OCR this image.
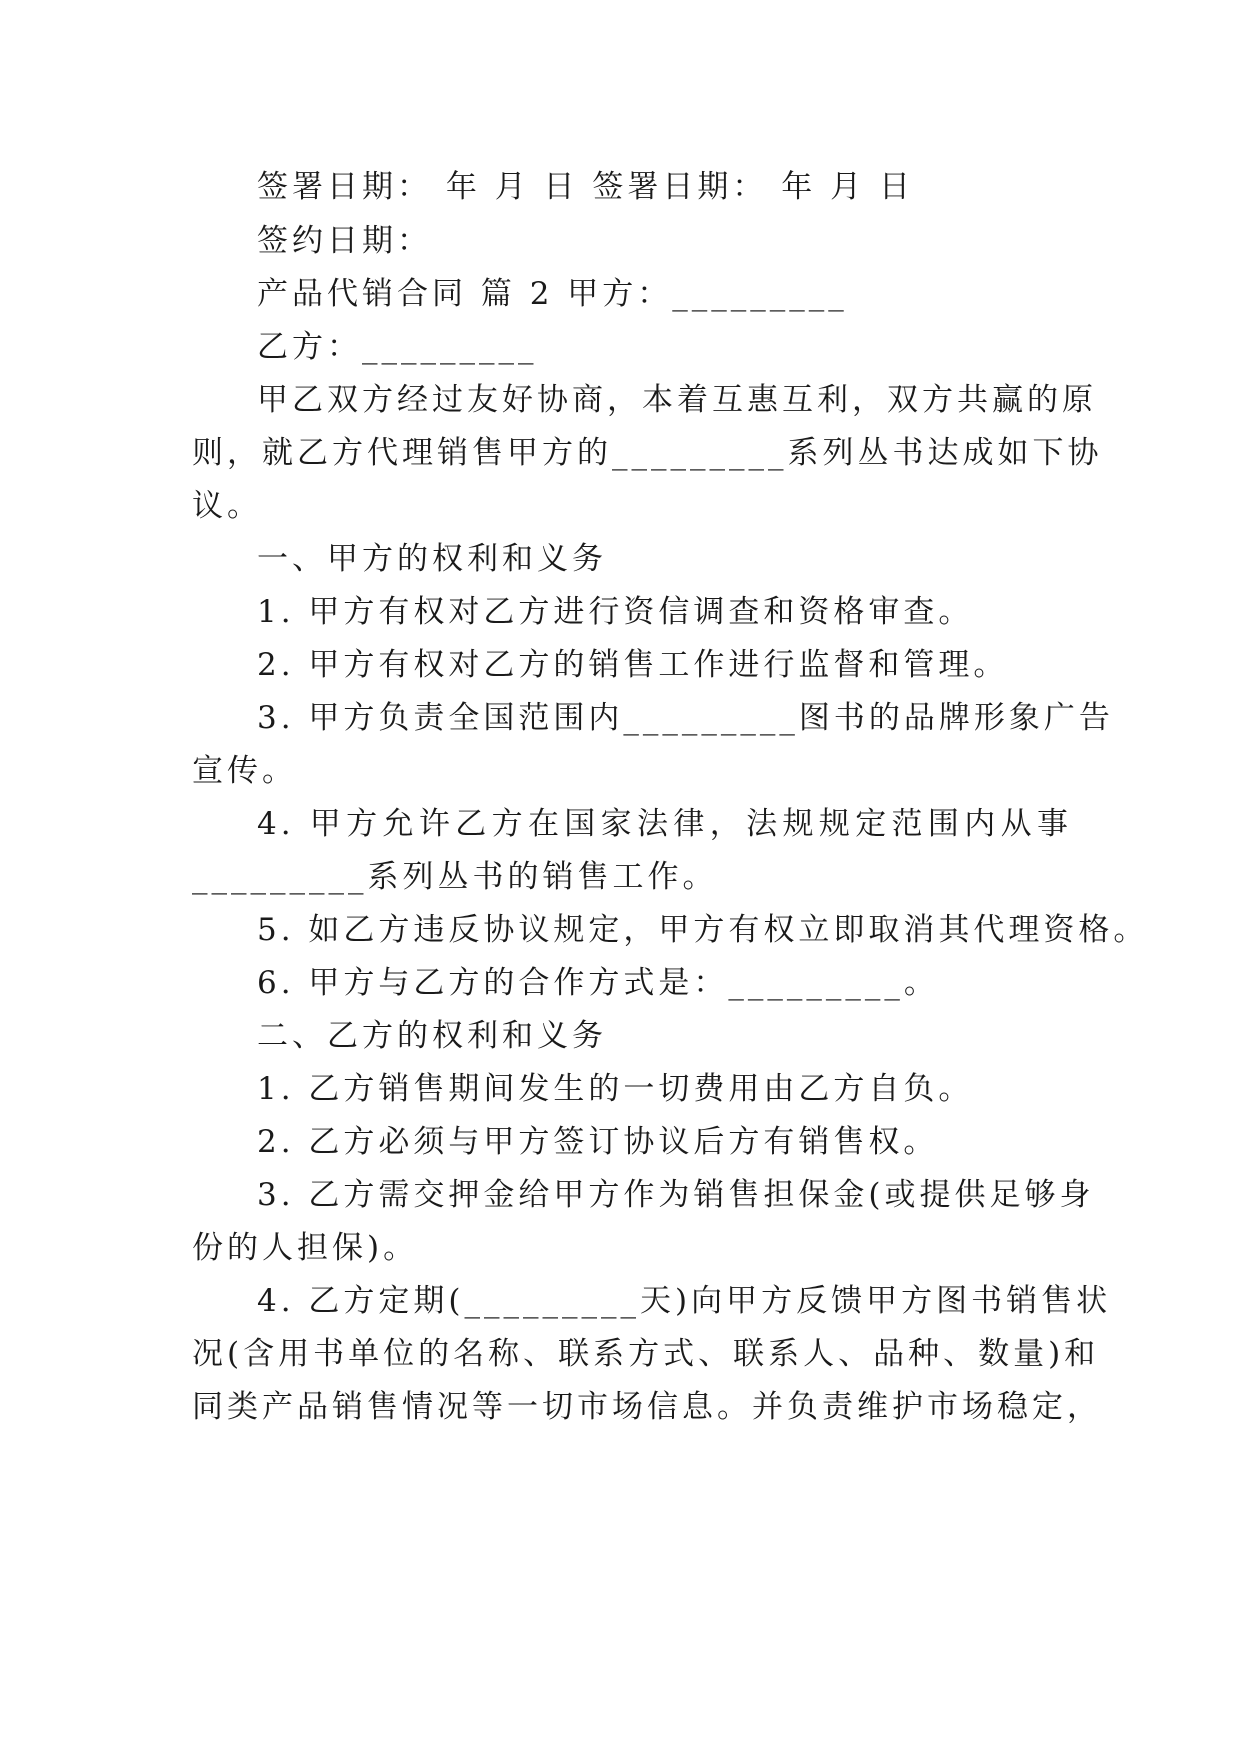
签署日期： 年 月 日 签署日期： 年 月 日
签约日期：
产品代销合同 篇 2 甲方：_________
乙方：_________
甲乙双方经过友好协商，本着互惠互利，双方共赢的原
则，就乙方代理销售甲方的_________系列丛书达成如下协
议。
一、甲方的权利和义务
1. 甲方有权对乙方进行资信调查和资格审查。
2. 甲方有权对乙方的销售工作进行监督和管理。
3. 甲方负责全国范围内_________图书的品牌形象广告
宣传。
4. 甲方允许乙方在国家法律，法规规定范围内从事
_________系列丛书的销售工作。
5. 如乙方违反协议规定，甲方有权立即取消其代理资格。
6. 甲方与乙方的合作方式是：_________。
二、乙方的权利和义务
1. 乙方销售期间发生的一切费用由乙方自负。
2. 乙方必须与甲方签订协议后方有销售权。
3. 乙方需交押金给甲方作为销售担保金(或提供足够身
份的人担保)。
4. 乙方定期(_________天)向甲方反馈甲方图书销售状
况(含用书单位的名称、联系方式、联系人、品种、数量)和
同类产品销售情况等一切市场信息。并负责维护市场稳定，
